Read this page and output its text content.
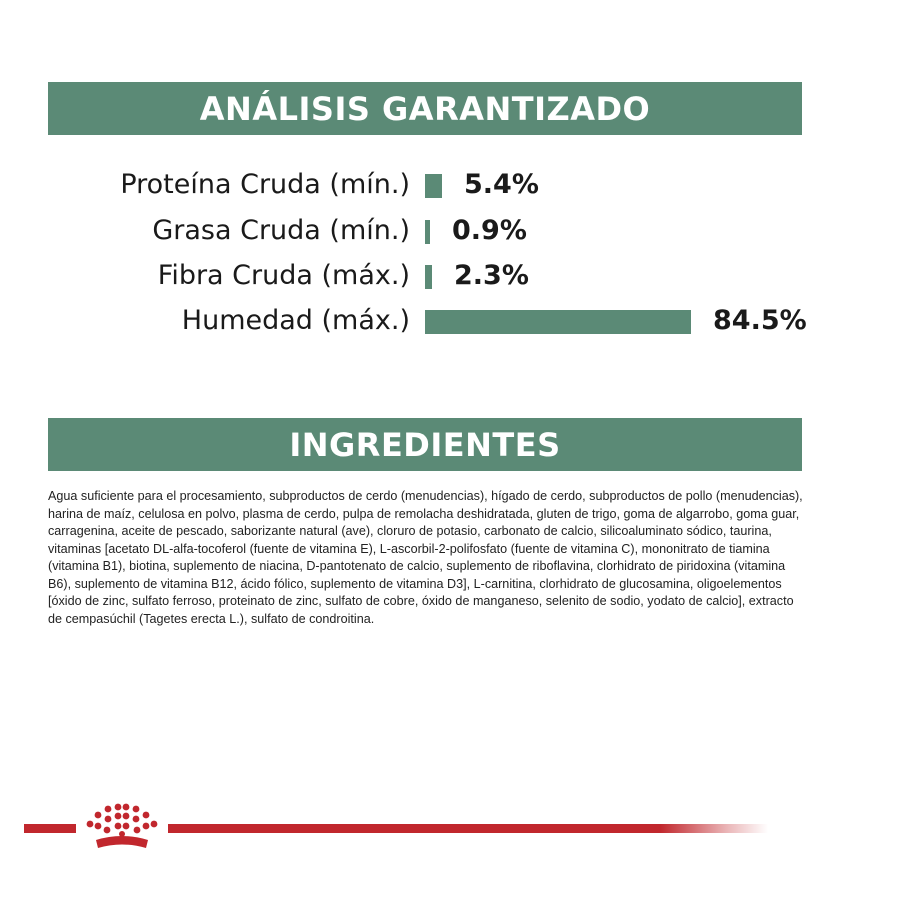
ANÁLISIS GARANTIZADO
Proteína Cruda (mín.) 5.4%
Grasa Cruda (mín.) 0.9%
Fibra Cruda (máx.) 2.3%
Humedad (máx.)	84.5%
INGREDIENTES

Agua suficiente para el procesamiento, subproductos de cerdo (menudencias), hígado de cerdo, subproductos de pollo (menudencias), harina de maíz, celulosa en polvo, plasma de cerdo, pulpa de remolacha deshidratada, gluten de trigo, goma de algarrobo, goma guar, carragenina, aceite de pescado, saborizante natural (ave), cloruro de potasio, carbonato de calcio, silicoaluminato sódico, taurina, vitaminas [acetato DL-alfa-tocoferol (fuente de vitamina E), L-ascorbil-2-polifosfato (fuente de vitamina C), mononitrato de tiamina (vitamina B1), biotina, suplemento de niacina, D-pantotenato de calcio, suplemento de riboflavina, clorhidrato de piridoxina (vitamina B6), suplemento de vitamina B12, ácido fólico, suplemento de vitamina D3], L-carnitina, clorhidrato de glucosamina, oligoelementos [óxido de zinc, sulfato ferroso, proteinato de zinc, sulfato de cobre, óxido de manganeso, selenito de sodio, yodato de calcio], extracto de cempasúchil (Tagetes erecta L.), sulfato de condroitina.
